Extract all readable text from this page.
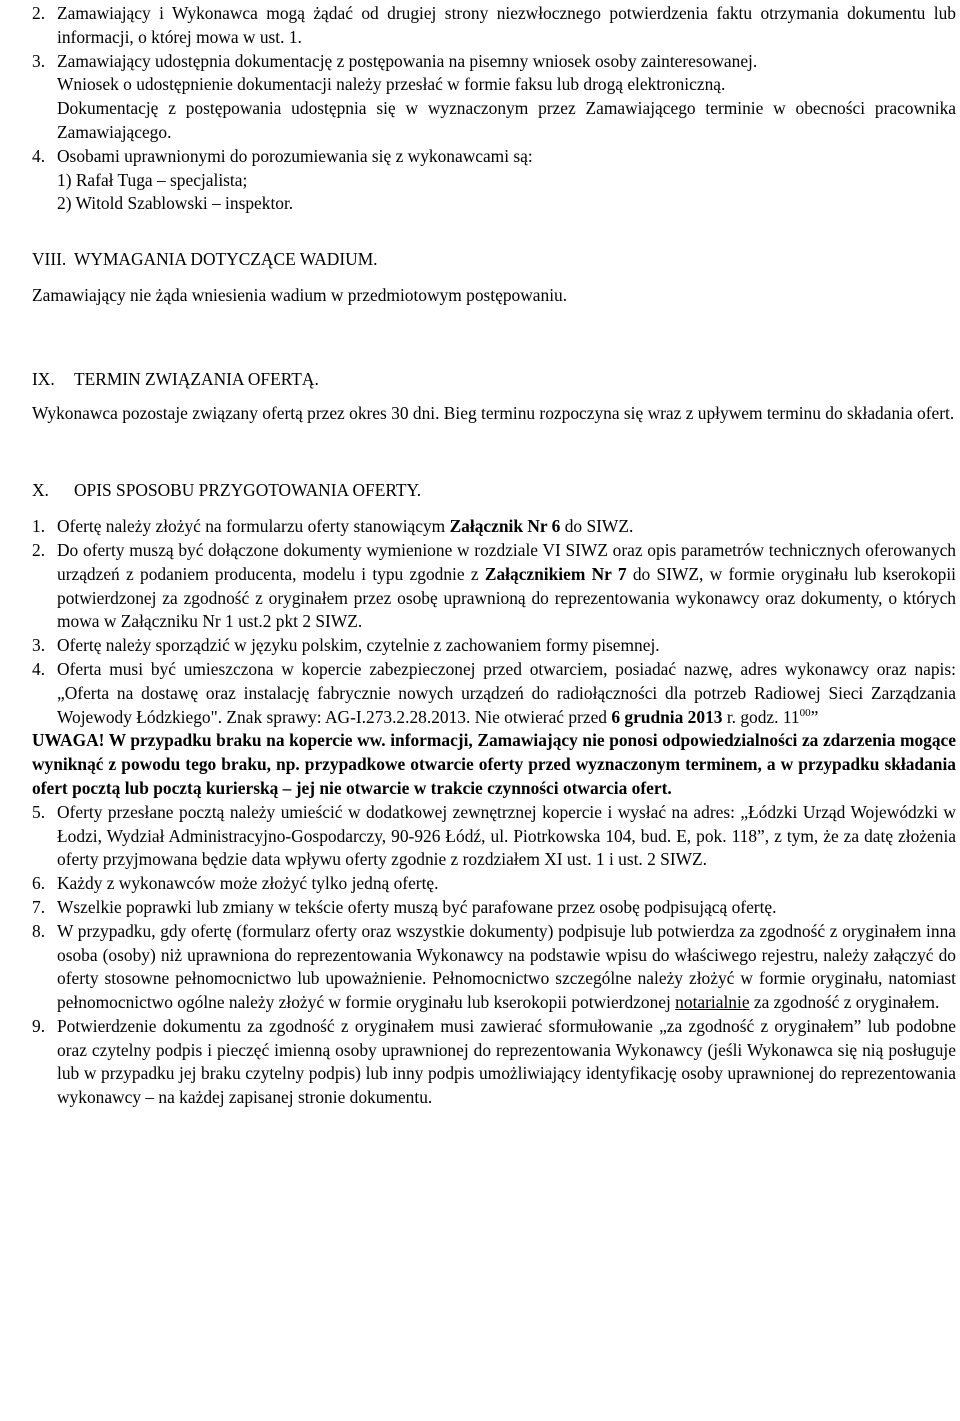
2. Zamawiający i Wykonawca mogą żądać od drugiej strony niezwłocznego potwierdzenia faktu otrzymania dokumentu lub informacji, o której mowa w ust. 1.
3. Zamawiający udostępnia dokumentację z postępowania na pisemny wniosek osoby zainteresowanej.
Wniosek o udostępnienie dokumentacji należy przesłać w formie faksu lub drogą elektroniczną.
Dokumentację z postępowania udostępnia się w wyznaczonym przez Zamawiającego terminie w obecności pracownika Zamawiającego.
4. Osobami uprawnionymi do porozumiewania się z wykonawcami są:
1) Rafał Tuga – specjalista;
2) Witold Szablowski – inspektor.
VIII. WYMAGANIA DOTYCZĄCE WADIUM.
Zamawiający nie żąda wniesienia wadium w przedmiotowym postępowaniu.
IX.	TERMIN ZWIĄZANIA OFERTĄ.
Wykonawca pozostaje związany ofertą przez okres 30 dni. Bieg terminu rozpoczyna się wraz z upływem terminu do składania ofert.
X.	OPIS SPOSOBU PRZYGOTOWANIA OFERTY.
1. Ofertę należy złożyć na formularzu oferty stanowiącym Załącznik Nr 6 do SIWZ.
2. Do oferty muszą być dołączone dokumenty wymienione w rozdziale VI SIWZ oraz opis parametrów technicznych oferowanych urządzeń z podaniem producenta, modelu i typu zgodnie z Załącznikiem Nr 7 do SIWZ, w formie oryginału lub kserokopii potwierdzonej za zgodność z oryginałem przez osobę uprawnioną do reprezentowania wykonawcy oraz dokumenty, o których mowa w Załączniku Nr 1 ust.2 pkt 2 SIWZ.
3. Ofertę należy sporządzić w języku polskim, czytelnie z zachowaniem formy pisemnej.
4. Oferta musi być umieszczona w kopercie zabezpieczonej przed otwarciem, posiadać nazwę, adres wykonawcy oraz napis: „Oferta na dostawę oraz instalację fabrycznie nowych urządzeń do radiołączności dla potrzeb Radiowej Sieci Zarządzania Wojewody Łódzkiego". Znak sprawy: AG-I.273.2.28.2013. Nie otwierać przed 6 grudnia 2013 r. godz. $11^{00}$”
UWAGA! W przypadku braku na kopercie ww. informacji, Zamawiający nie ponosi odpowiedzialności za zdarzenia mogące wyniknąć z powodu tego braku, np. przypadkowe otwarcie oferty przed wyznaczonym terminem, a w przypadku składania ofert pocztą lub pocztą kurierską – jej nie otwarcie w trakcie czynności otwarcia ofert.
5. Oferty przesłane pocztą należy umieścić w dodatkowej zewnętrznej kopercie i wysłać na adres: „Łódzki Urząd Wojewódzki w Łodzi, Wydział Administracyjno-Gospodarczy, 90-926 Łódź, ul. Piotrkowska 104, bud. E, pok. 118”, z tym, że za datę złożenia oferty przyjmowana będzie data wpływu oferty zgodnie z rozdziałem XI ust. 1 i ust. 2 SIWZ.
6. Każdy z wykonawców może złożyć tylko jedną ofertę.
7. Wszelkie poprawki lub zmiany w tekście oferty muszą być parafowane przez osobę podpisującą ofertę.
8. W przypadku, gdy ofertę (formularz oferty oraz wszystkie dokumenty) podpisuje lub potwierdza za zgodność z oryginałem inna osoba (osoby) niż uprawniona do reprezentowania Wykonawcy na podstawie wpisu do właściwego rejestru, należy załączyć do oferty stosowne pełnomocnictwo lub upoważnienie. Pełnomocnictwo szczególne należy złożyć w formie oryginału, natomiast pełnomocnictwo ogólne należy złożyć w formie oryginału lub kserokopii potwierdzonej notarialnie za zgodność z oryginałem.
9. Potwierdzenie dokumentu za zgodność z oryginałem musi zawierać sformułowanie „za zgodność z oryginałem” lub podobne oraz czytelny podpis i pieczęć imienną osoby uprawnionej do reprezentowania Wykonawcy (jeśli Wykonawca się nią posługuje lub w przypadku jej braku czytelny podpis) lub inny podpis umożliwiający identyfikację osoby uprawnionej do reprezentowania wykonawcy – na każdej zapisanej stronie dokumentu.
